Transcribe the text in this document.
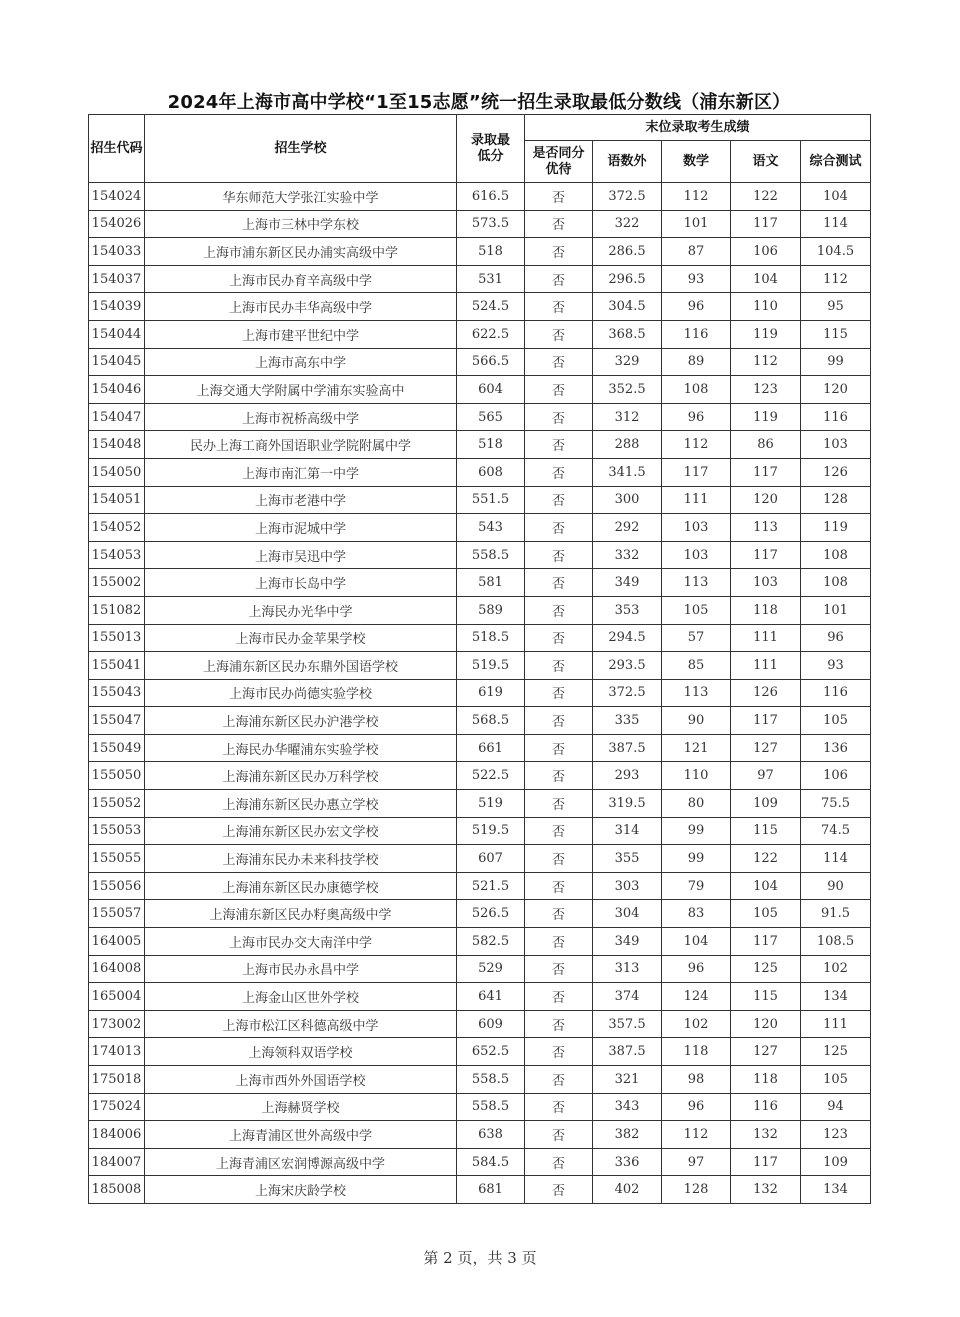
2024年上海市高中学校“1至15志愿”统一招生录取最低分数线（浦东新区）
招生代码	招生学校	录取最低分	末位录取考生成绩				
			是否同分优待	语数外	数学	语文	综合测试
154024	华东师范大学张江实验中学	616.5	否	372.5	112	122	104
154026	上海市三林中学东校	573.5	否	322	101	117	114
154033	上海市浦东新区民办浦实高级中学	518	否	286.5	87	106	104.5
154037	上海市民办育辛高级中学	531	否	296.5	93	104	112
154039	上海市民办丰华高级中学	524.5	否	304.5	96	110	95
154044	上海市建平世纪中学	622.5	否	368.5	116	119	115
154045	上海市高东中学	566.5	否	329	89	112	99
154046	上海交通大学附属中学浦东实验高中	604	否	352.5	108	123	120
154047	上海市祝桥高级中学	565	否	312	96	119	116
154048	民办上海工商外国语职业学院附属中学	518	否	288	112	86	103
154050	上海市南汇第一中学	608	否	341.5	117	117	126
154051	上海市老港中学	551.5	否	300	111	120	128
154052	上海市泥城中学	543	否	292	103	113	119
154053	上海市吴迅中学	558.5	否	332	103	117	108
155002	上海市长岛中学	581	否	349	113	103	108
151082	上海民办光华中学	589	否	353	105	118	101
155013	上海市民办金苹果学校	518.5	否	294.5	57	111	96
155041	上海浦东新区民办东鼎外国语学校	519.5	否	293.5	85	111	93
155043	上海市民办尚德实验学校	619	否	372.5	113	126	116
155047	上海浦东新区民办沪港学校	568.5	否	335	90	117	105
155049	上海民办华曜浦东实验学校	661	否	387.5	121	127	136
155050	上海浦东新区民办万科学校	522.5	否	293	110	97	106
155052	上海浦东新区民办惠立学校	519	否	319.5	80	109	75.5
155053	上海浦东新区民办宏文学校	519.5	否	314	99	115	74.5
155055	上海浦东民办未来科技学校	607	否	355	99	122	114
155056	上海浦东新区民办康德学校	521.5	否	303	79	104	90
155057	上海浦东新区民办籽奥高级中学	526.5	否	304	83	105	91.5
164005	上海市民办交大南洋中学	582.5	否	349	104	117	108.5
164008	上海市民办永昌中学	529	否	313	96	125	102
165004	上海金山区世外学校	641	否	374	124	115	134
173002	上海市松江区科德高级中学	609	否	357.5	102	120	111
174013	上海领科双语学校	652.5	否	387.5	118	127	125
175018	上海市西外外国语学校	558.5	否	321	98	118	105
175024	上海赫贤学校	558.5	否	343	96	116	94
184006	上海青浦区世外高级中学	638	否	382	112	132	123
184007	上海青浦区宏润博源高级中学	584.5	否	336	97	117	109
185008	上海宋庆龄学校	681	否	402	128	132	134
第 2 页，共 3 页
